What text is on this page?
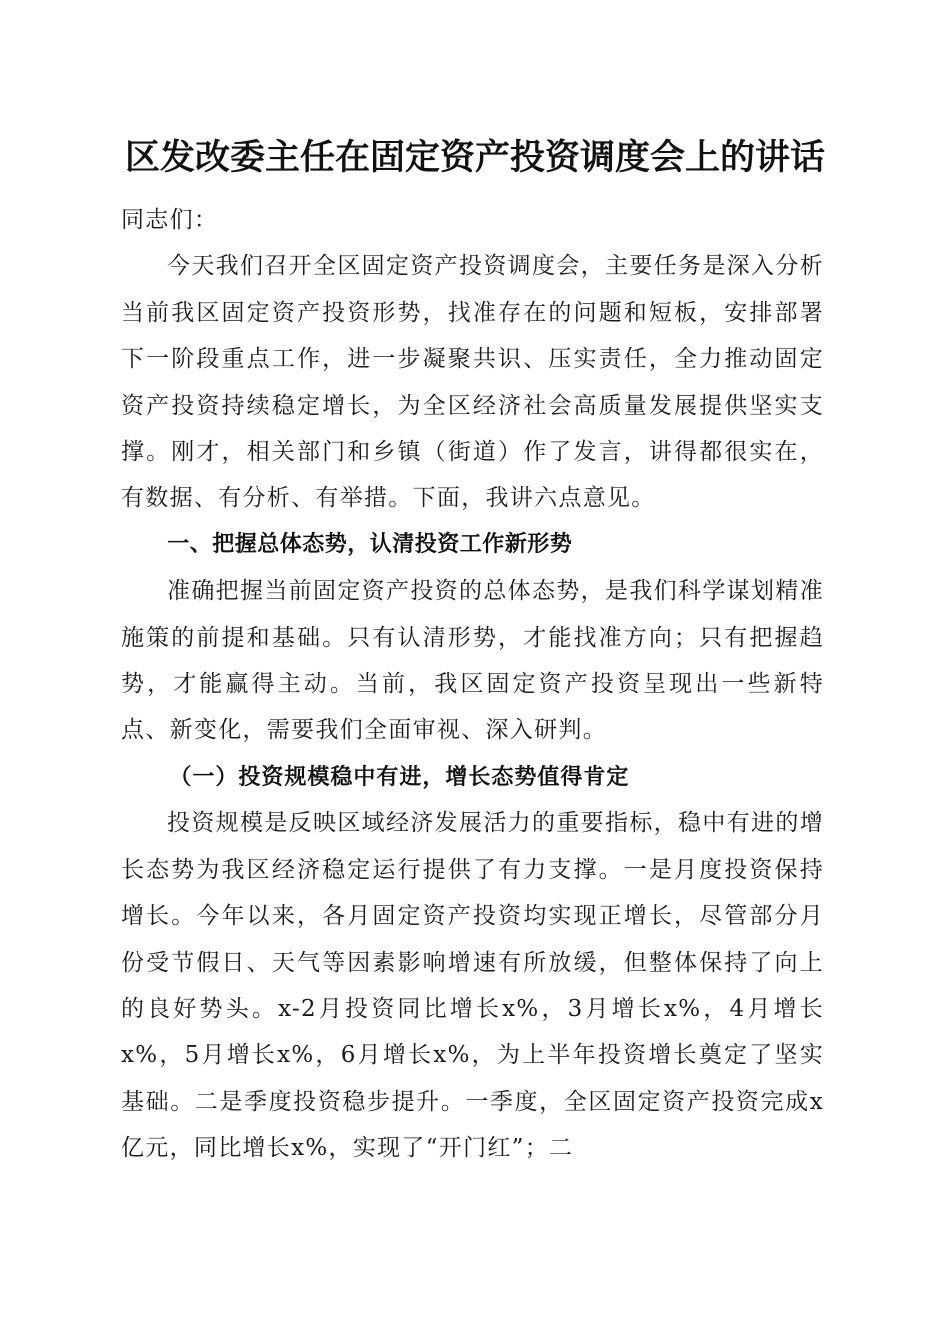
区发改委主任在固定资产投资调度会上的讲话

同志们：

今天我们召开全区固定资产投资调度会，主要任务是深入分析当前我区固定资产投资形势，找准存在的问题和短板，安排部署下一阶段重点工作，进一步凝聚共识、压实责任，全力推动固定资产投资持续稳定增长，为全区经济社会高质量发展提供坚实支撑。刚才，相关部门和乡镇（街道）作了发言，讲得都很实在，有数据、有分析、有举措。下面，我讲六点意见。

一、把握总体态势，认清投资工作新形势

准确把握当前固定资产投资的总体态势，是我们科学谋划精准施策的前提和基础。只有认清形势，才能找准方向；只有把握趋势，才能赢得主动。当前，我区固定资产投资呈现出一些新特点、新变化，需要我们全面审视、深入研判。

（一）投资规模稳中有进，增长态势值得肯定

投资规模是反映区域经济发展活力的重要指标，稳中有进的增长态势为我区经济稳定运行提供了有力支撑。一是月度投资保持增长。今年以来，各月固定资产投资均实现正增长，尽管部分月份受节假日、天气等因素影响增速有所放缓，但整体保持了向上的良好势头。x-2月投资同比增长x%，3月增长x%，4月增长x%，5月增长x%，6月增长x%，为上半年投资增长奠定了坚实基础。二是季度投资稳步提升。一季度，全区固定资产投资完成x亿元，同比增长x%，实现了“开门红”；二
